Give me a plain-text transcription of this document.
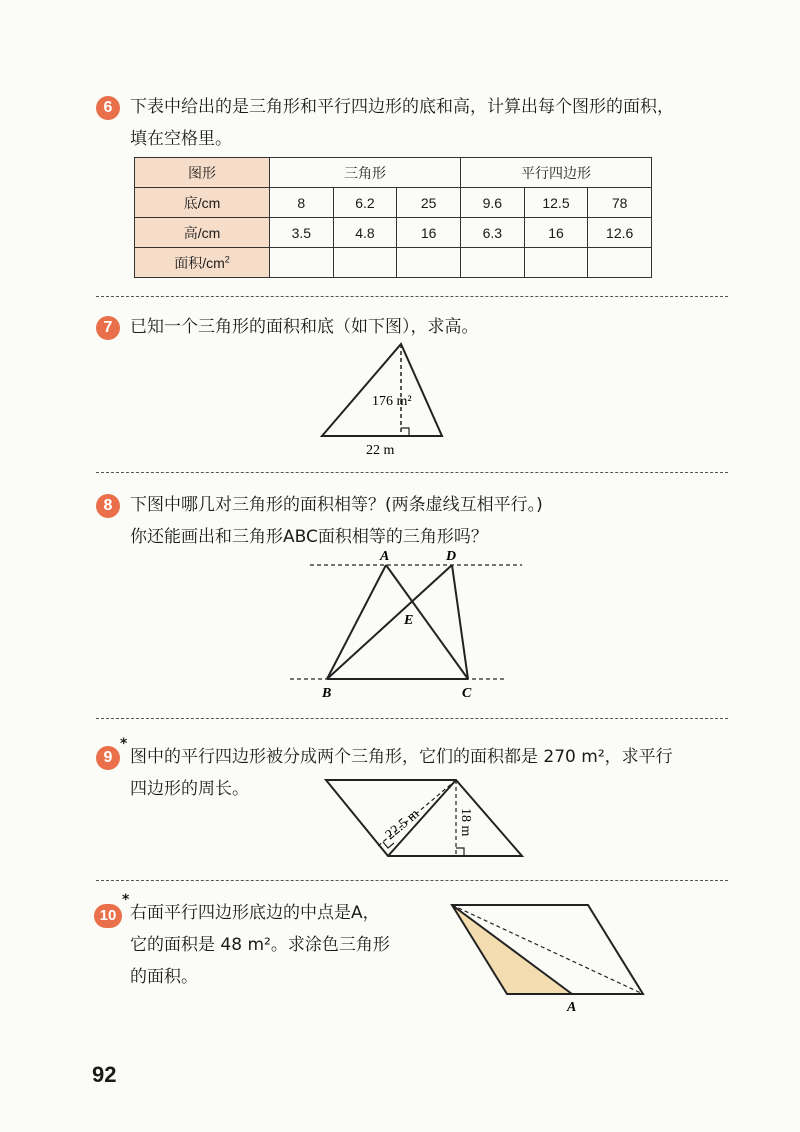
6	下表中给出的是三角形和平行四边形的底和高，计算出每个图形的面积，
填在空格里。
图形	三角形			平行四边形		
底/cm	8	6.2	25	9.6	12.5	78
高/cm	3.5	4.8	16	6.3	16	12.6
面积$/cm^2$						
7	已知一个三角形的面积和底（如下图），求高。
176 m²
22 m
8	下图中哪几对三角形的面积相等？(两条虚线互相平行。)
你还能画出和三角形ABC面积相等的三角形吗？
A	D
E
B	C
9
*
图中的平行四边形被分成两个三角形，它们的面积都是 270 m²，求平行
四边形的周长。
22.5 m	18 m
10
*
右面平行四边形底边的中点是A，
它的面积是 48 m²。求涂色三角形
的面积。
A
92
